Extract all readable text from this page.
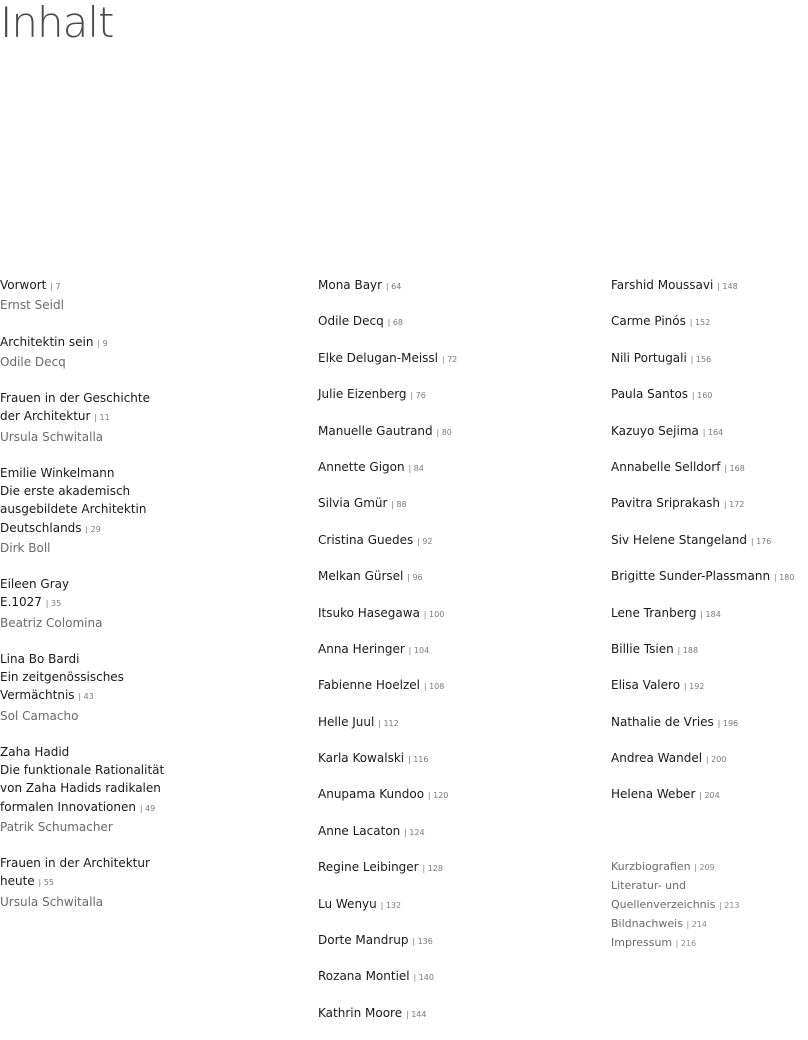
Inhalt
Vorwort | 7

Ernst Seidl
Architektin sein | 9

Odile Decq
Frauen in der Geschichte
der Architektur | 11

Ursula Schwitalla
Emilie Winkelmann
Die erste akademisch
ausgebildete Architektin
Deutschlands | 29

Dirk Boll
Eileen Gray
E.1027 | 35

Beatriz Colomina
Lina Bo Bardi
Ein zeitgenössisches
Vermächtnis | 43

Sol Camacho
Zaha Hadid
Die funktionale Rationalität
von Zaha Hadids radikalen
formalen Innovationen | 49

Patrik Schumacher
Frauen in der Architektur
heute | 55

Ursula Schwitalla
Mona Bayr | 64
Odile Decq | 68
Elke Delugan-Meissl | 72
Julie Eizenberg | 76
Manuelle Gautrand | 80
Annette Gigon | 84
Silvia Gmür | 88
Cristina Guedes | 92
Melkan Gürsel | 96
Itsuko Hasegawa | 100
Anna Heringer | 104
Fabienne Hoelzel | 108
Helle Juul | 112
Karla Kowalski | 116
Anupama Kundoo | 120
Anne Lacaton | 124
Regine Leibinger | 128
Lu Wenyu | 132
Dorte Mandrup | 136
Rozana Montiel | 140
Kathrin Moore | 144
Farshid Moussavi | 148
Carme Pinós | 152
Nili Portugali | 156
Paula Santos | 160
Kazuyo Sejima | 164
Annabelle Selldorf | 168
Pavitra Sriprakash | 172
Siv Helene Stangeland | 176
Brigitte Sunder-Plassmann | 180
Lene Tranberg | 184
Billie Tsien | 188
Elisa Valero | 192
Nathalie de Vries | 196
Andrea Wandel | 200
Helena Weber | 204
Kurzbiografien | 209
Literatur- und
Quellenverzeichnis | 213
Bildnachweis | 214
Impressum | 216
